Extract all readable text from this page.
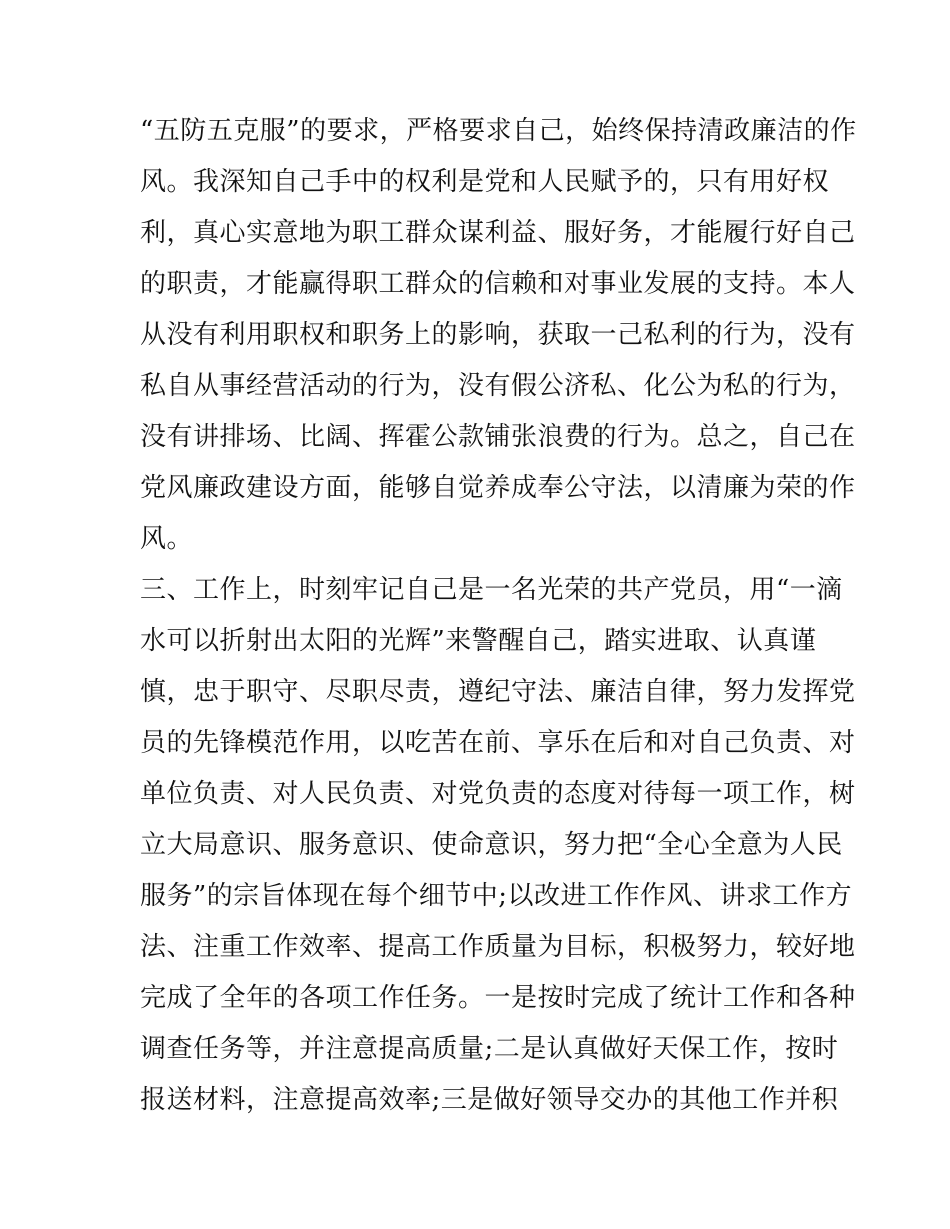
“五防五克服”的要求，严格要求自己，始终保持清政廉洁的作
风。我深知自己手中的权利是党和人民赋予的，只有用好权
利，真心实意地为职工群众谋利益、服好务，才能履行好自己
的职责，才能赢得职工群众的信赖和对事业发展的支持。本人
从没有利用职权和职务上的影响，获取一己私利的行为，没有
私自从事经营活动的行为，没有假公济私、化公为私的行为，
没有讲排场、比阔、挥霍公款铺张浪费的行为。总之，自己在
党风廉政建设方面，能够自觉养成奉公守法，以清廉为荣的作
风。
三、工作上，时刻牢记自己是一名光荣的共产党员，用“一滴
水可以折射出太阳的光辉”来警醒自己，踏实进取、认真谨
慎，忠于职守、尽职尽责，遵纪守法、廉洁自律，努力发挥党
员的先锋模范作用，以吃苦在前、享乐在后和对自己负责、对
单位负责、对人民负责、对党负责的态度对待每一项工作，树
立大局意识、服务意识、使命意识，努力把“全心全意为人民
服务”的宗旨体现在每个细节中;以改进工作作风、讲求工作方
法、注重工作效率、提高工作质量为目标，积极努力，较好地
完成了全年的各项工作任务。一是按时完成了统计工作和各种
调查任务等，并注意提高质量;二是认真做好天保工作，按时
报送材料，注意提高效率;三是做好领导交办的其他工作并积
